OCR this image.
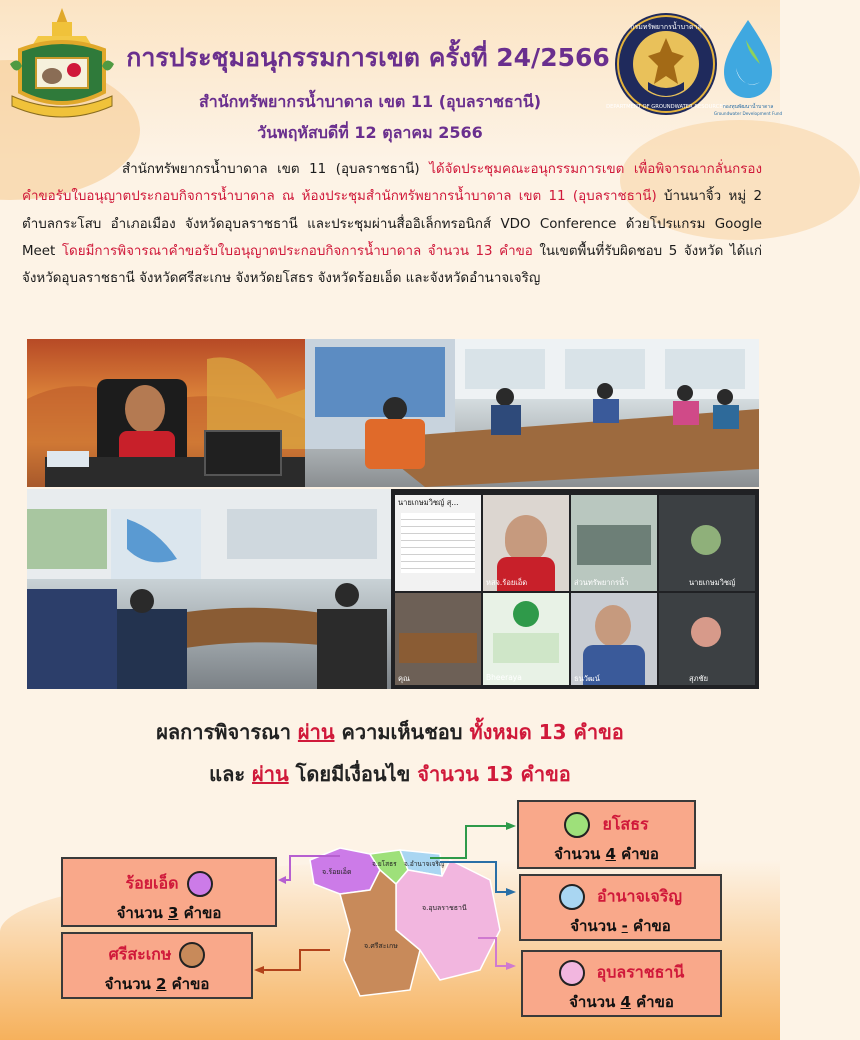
กรมทรัพยากรน้ำบาดาล
DEPARTMENT OF GROUNDWATER RESOURCES
กองทุนพัฒนาน้ำบาดาล
Groundwater Development Fund
การประชุมอนุกรรมการเขต ครั้งที่ 24/2566
สำนักทรัพยากรน้ำบาดาล เขต 11 (อุบลราชธานี)
วันพฤหัสบดีที่ 12 ตุลาคม 2566
สำนักทรัพยากรน้ำบาดาล เขต 11 (อุบลราชธานี) ได้จัดประชุมคณะอนุกรรมการเขต เพื่อพิจารณากลั่นกรองคำขอรับใบอนุญาตประกอบกิจการน้ำบาดาล ณ ห้องประชุมสำนักทรัพยากรน้ำบาดาล เขต 11 (อุบลราชธานี) บ้านนาจิ้ว หมู่ 2 ตำบลกระโสบ อำเภอเมือง จังหวัดอุบลราชธานี และประชุมผ่านสื่ออิเล็กทรอนิกส์ VDO Conference ด้วยโปรแกรม Google Meet โดยมีการพิจารณาคำขอรับใบอนุญาตประกอบกิจการน้ำบาดาล จำนวน 13 คำขอ ในเขตพื้นที่รับผิดชอบ 5 จังหวัด ได้แก่ จังหวัดอุบลราชธานี จังหวัดศรีสะเกษ จังหวัดยโสธร จังหวัดร้อยเอ็ด และจังหวัดอำนาจเจริญ
นายเกษมวิชญ์ สุ...
หสจ.ร้อยเอ็ด	ส่วนทรัพยากรน้ำ	นายเกษมวิชญ์
คุณ	Bheeraya	ธนวัฒน์	สุภชัย
ผลการพิจารณา ผ่าน ความเห็นชอบ ทั้งหมด 13 คำขอ
และ ผ่าน โดยมีเงื่อนไข จำนวน 13 คำขอ
จ.ร้อยเอ็ด
จ.ยโสธร จ.อำนาจเจริญ
จ.อุบลราชธานี
จ.ศรีสะเกษ
ยโสธร
จำนวน 4 คำขอ
อำนาจเจริญ
จำนวน - คำขอ
อุบลราชธานี
จำนวน 4 คำขอ
ร้อยเอ็ด
จำนวน 3 คำขอ
ศรีสะเกษ
จำนวน 2 คำขอ
